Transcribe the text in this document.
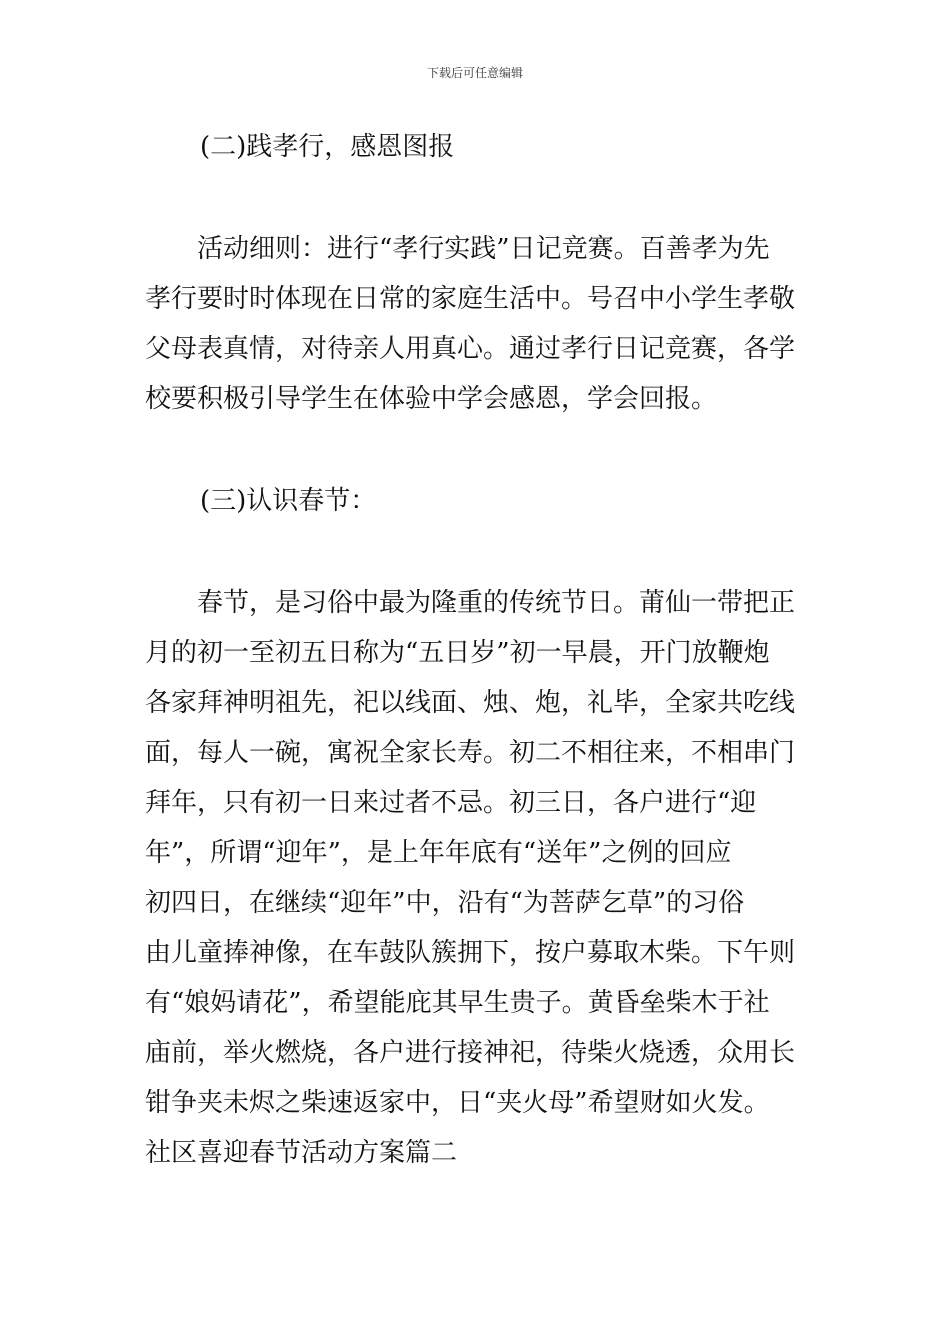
下载后可任意编辑
(二)践孝行，感恩图报
　　活动细则：进行“孝行实践”日记竞赛。百善孝为先
孝行要时时体现在日常的家庭生活中。号召中小学生孝敬
父母表真情，对待亲人用真心。通过孝行日记竞赛，各学
校要积极引导学生在体验中学会感恩，学会回报。
(三)认识春节：
　　春节，是习俗中最为隆重的传统节日。莆仙一带把正
月的初一至初五日称为“五日岁”初一早晨，开门放鞭炮
各家拜神明祖先，祀以线面、烛、炮，礼毕，全家共吃线
面，每人一碗，寓祝全家长寿。初二不相往来，不相串门
拜年，只有初一日来过者不忌。初三日，各户进行“迎
年”，所谓“迎年”，是上年年底有“送年”之例的回应
初四日，在继续“迎年”中，沿有“为菩萨乞草”的习俗
由儿童捧神像，在车鼓队簇拥下，按户募取木柴。下午则
有“娘妈请花”，希望能庇其早生贵子。黄昏垒柴木于社
庙前，举火燃烧，各户进行接神祀，待柴火烧透，众用长
钳争夹未烬之柴速返家中，日“夹火母”希望财如火发。
社区喜迎春节活动方案篇二
